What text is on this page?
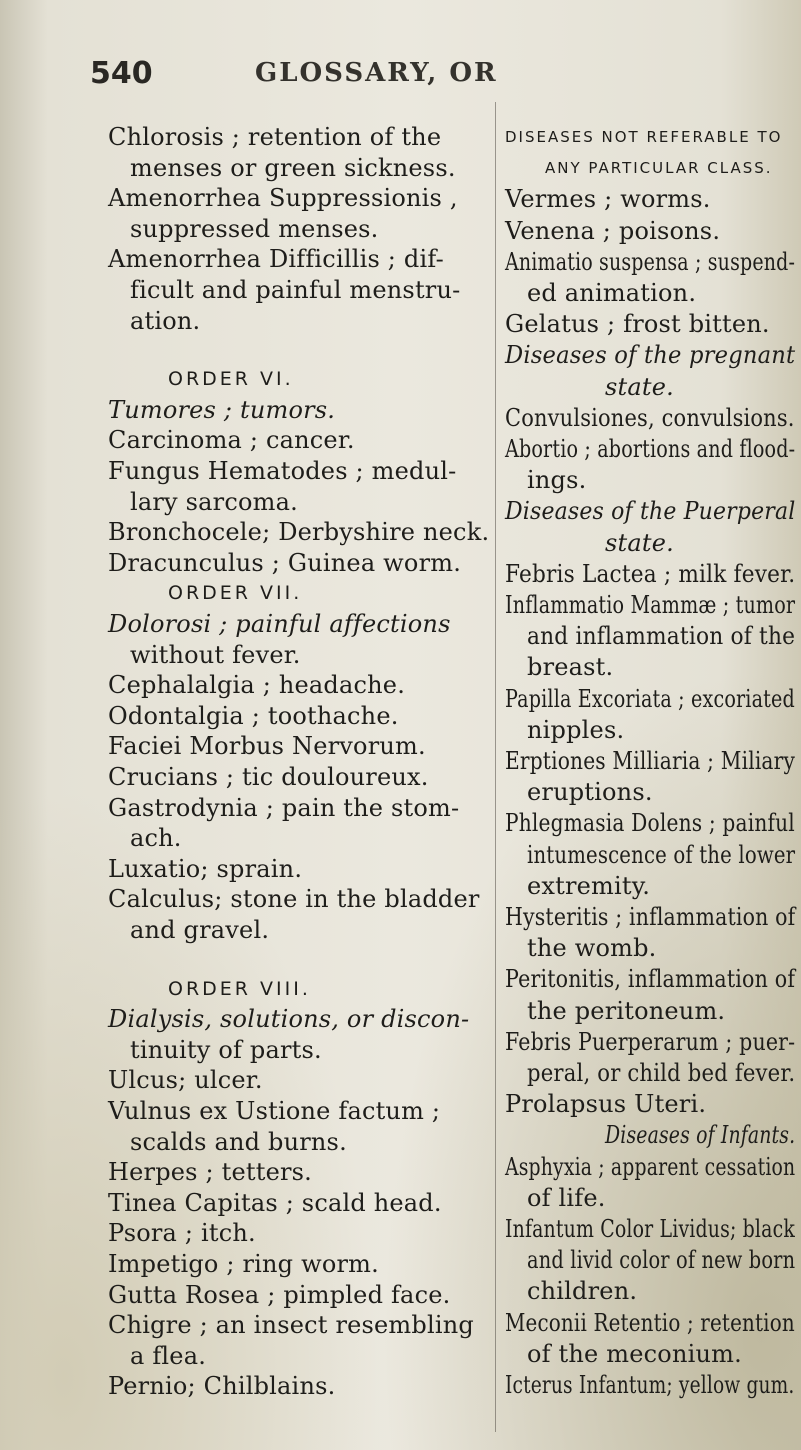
540	GLOSSARY, OR
Chlorosis ; retention of the
menses or green sickness.
Amenorrhea Suppressionis ,
suppressed menses.
Amenorrhea Difficillis ; dif-
ficult and painful menstru-
ation.
ORDER VI.
Tumores ; tumors.
Carcinoma ; cancer.
Fungus Hematodes ; medul-
lary sarcoma.
Bronchocele; Derbyshire neck.
Dracunculus ; Guinea worm.
ORDER VII.
Dolorosi ; painful affections
without fever.
Cephalalgia ; headache.
Odontalgia ; toothache.
Faciei Morbus Nervorum.
Crucians ; tic douloureux.
Gastrodynia ; pain the stom-
ach.
Luxatio; sprain.
Calculus; stone in the bladder
and gravel.
ORDER VIII.
Dialysis, solutions, or discon-
tinuity of parts.
Ulcus; ulcer.
Vulnus ex Ustione factum ;
scalds and burns.
Herpes ; tetters.
Tinea Capitas ; scald head.
Psora ; itch.
Impetigo ; ring worm.
Gutta Rosea ; pimpled face.
Chigre ; an insect resembling
a flea.
Pernio; Chilblains.
DISEASES NOT REFERABLE TO
ANY PARTICULAR CLASS.
Vermes ; worms.
Venena ; poisons.
Animatio suspensa ; suspend-
ed animation.
Gelatus ; frost bitten.
Diseases of the pregnant
state.
Convulsiones, convulsions.
Abortio ; abortions and flood-
ings.
Diseases of the Puerperal
state.
Febris Lactea ; milk fever.
Inflammatio Mammæ ; tumor
and inflammation of the
breast.
Papilla Excoriata ; excoriated
nipples.
Erptiones Milliaria ; Miliary
eruptions.
Phlegmasia Dolens ; painful
intumescence of the lower
extremity.
Hysteritis ; inflammation of
the womb.
Peritonitis, inflammation of
the peritoneum.
Febris Puerperarum ; puer-
peral, or child bed fever.
Prolapsus Uteri.
Diseases of Infants.
Asphyxia ; apparent cessation
of life.
Infantum Color Lividus; black
and livid color of new born
children.
Meconii Retentio ; retention
of the meconium.
Icterus Infantum; yellow gum.
